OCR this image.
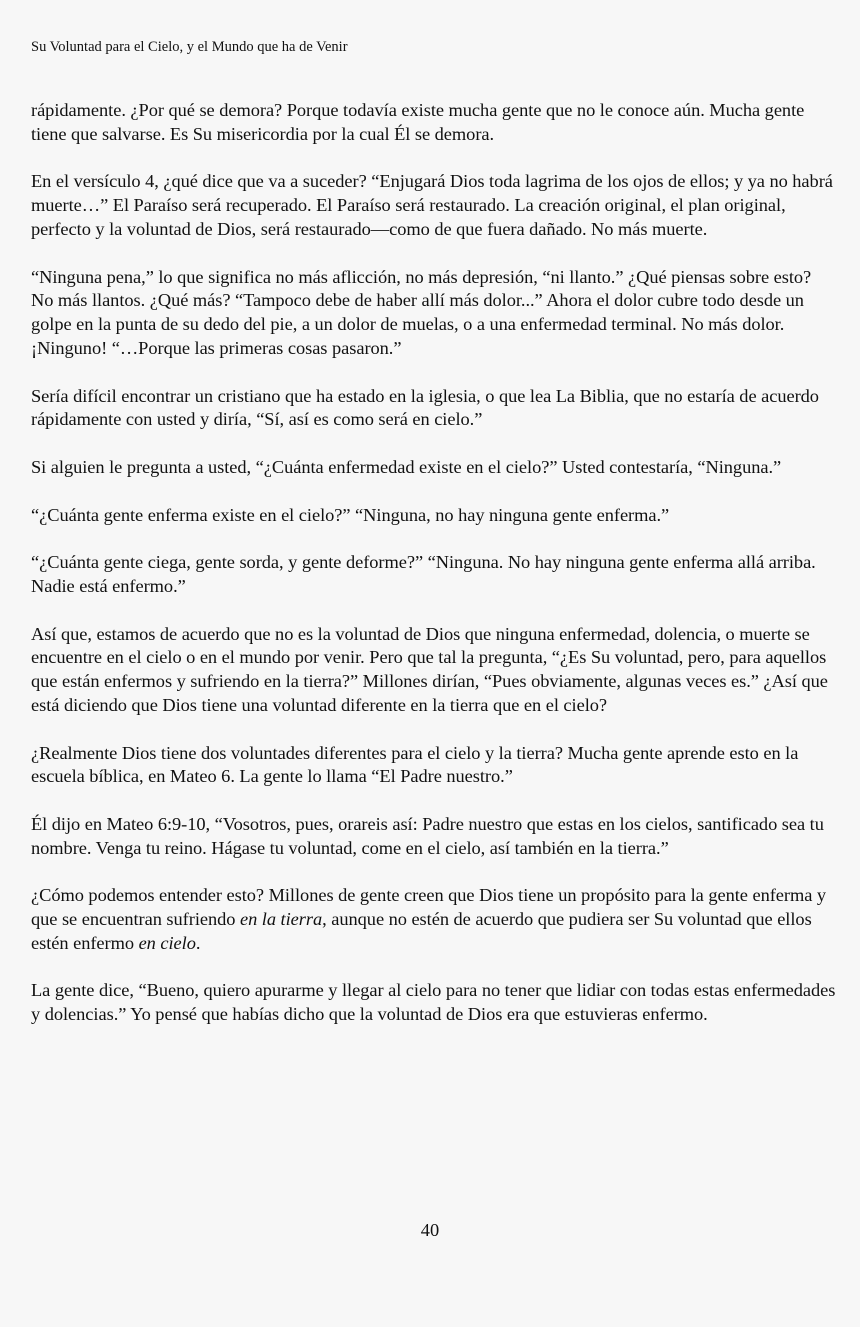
Su Voluntad para el Cielo, y el Mundo que ha de Venir

rápidamente. ¿Por qué se demora? Porque todavía existe mucha gente que no le conoce aún. Mucha gente tiene que salvarse. Es Su misericordia por la cual Él se demora.

En el versículo 4, ¿qué dice que va a suceder? “Enjugará Dios toda lagrima de los ojos de ellos; y ya no habrá muerte…” El Paraíso será recuperado. El Paraíso será restaurado. La creación original, el plan original, perfecto y la voluntad de Dios, será restaurado—como de que fuera dañado. No más muerte.

“Ninguna pena,” lo que significa no más aflicción, no más depresión, “ni llanto.” ¿Qué piensas sobre esto? No más llantos. ¿Qué más? “Tampoco debe de haber allí más dolor...” Ahora el dolor cubre todo desde un golpe en la punta de su dedo del pie, a un dolor de muelas, o a una enfermedad terminal. No más dolor. ¡Ninguno! “…Porque las primeras cosas pasaron.”

Sería difícil encontrar un cristiano que ha estado en la iglesia, o que lea La Biblia, que no estaría de acuerdo rápidamente con usted y diría, “Sí, así es como será en cielo.”

Si alguien le pregunta a usted, “¿Cuánta enfermedad existe en el cielo?” Usted contestaría, “Ninguna.”

“¿Cuánta gente enferma existe en el cielo?” “Ninguna, no hay ninguna gente enferma.”

“¿Cuánta gente ciega, gente sorda, y gente deforme?” “Ninguna. No hay ninguna gente enferma allá arriba. Nadie está enfermo.”

Así que, estamos de acuerdo que no es la voluntad de Dios que ninguna enfermedad, dolencia, o muerte se encuentre en el cielo o en el mundo por venir. Pero que tal la pregunta, “¿Es Su voluntad, pero, para aquellos que están enfermos y sufriendo en la tierra?” Millones dirían, “Pues obviamente, algunas veces es.” ¿Así que está diciendo que Dios tiene una voluntad diferente en la tierra que en el cielo?

¿Realmente Dios tiene dos voluntades diferentes para el cielo y la tierra? Mucha gente aprende esto en la escuela bíblica, en Mateo 6. La gente lo llama “El Padre nuestro.”

Él dijo en Mateo 6:9-10, “Vosotros, pues, orareis así: Padre nuestro que estas en los cielos, santificado sea tu nombre. Venga tu reino. Hágase tu voluntad, come en el cielo, así también en la tierra.”

¿Cómo podemos entender esto? Millones de gente creen que Dios tiene un propósito para la gente enferma y que se encuentran sufriendo en la tierra, aunque no estén de acuerdo que pudiera ser Su voluntad que ellos estén enfermo en cielo.

La gente dice, “Bueno, quiero apurarme y llegar al cielo para no tener que lidiar con todas estas enfermedades y dolencias.” Yo pensé que habías dicho que la voluntad de Dios era que estuvieras enfermo.

40
